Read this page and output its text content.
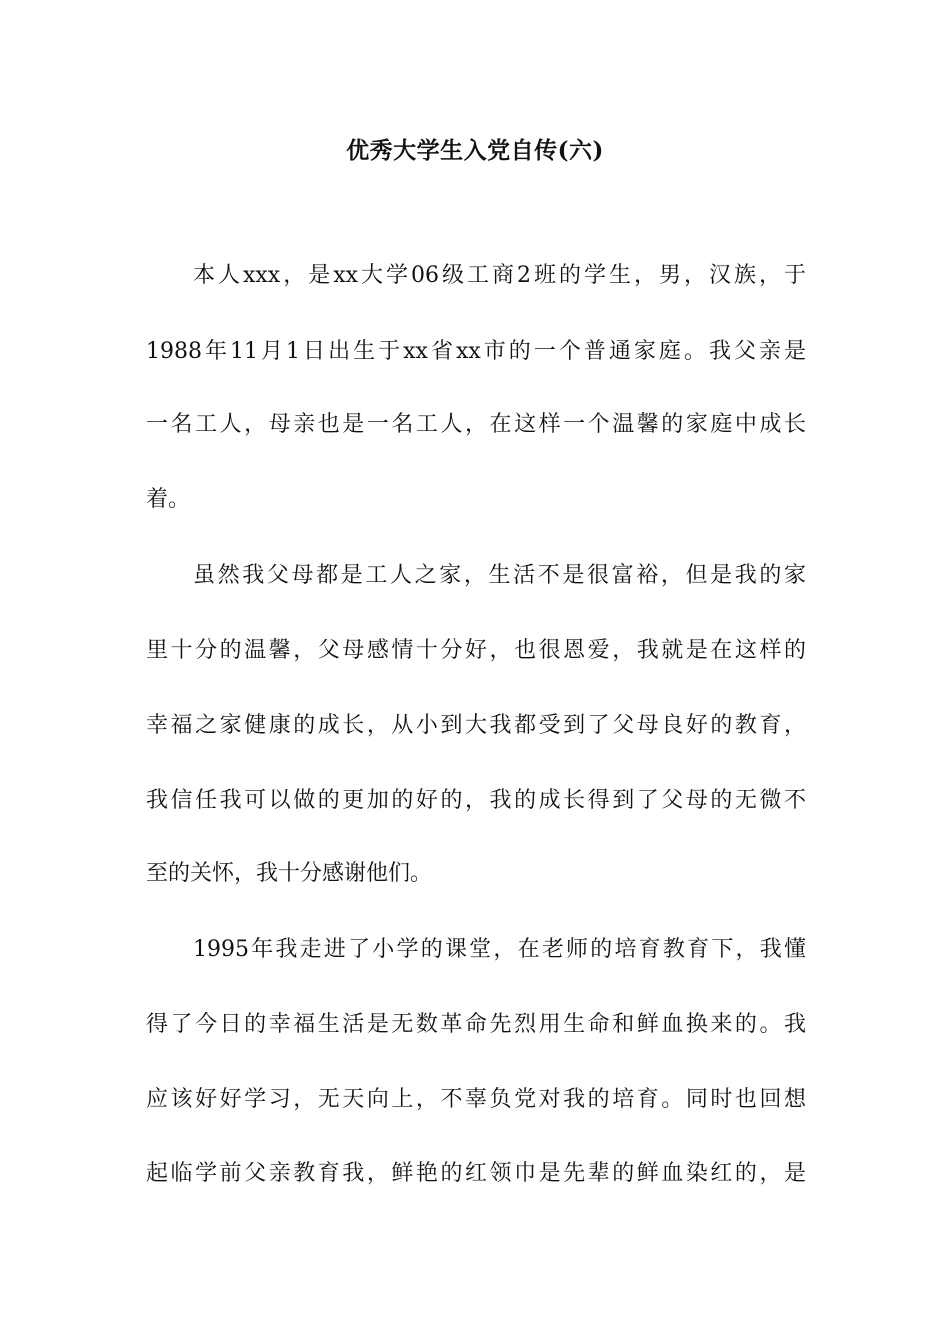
优秀大学生入党自传(六)
本人xxx，是xx大学06级工商2班的学生，男，汉族，于
1988年11月1日出生于xx省xx市的一个普通家庭。我父亲是
一名工人，母亲也是一名工人，在这样一个温馨的家庭中成长
着。
虽然我父母都是工人之家，生活不是很富裕，但是我的家
里十分的温馨，父母感情十分好，也很恩爱，我就是在这样的
幸福之家健康的成长，从小到大我都受到了父母良好的教育，
我信任我可以做的更加的好的，我的成长得到了父母的无微不
至的关怀，我十分感谢他们。
1995年我走进了小学的课堂，在老师的培育教育下，我懂
得了今日的幸福生活是无数革命先烈用生命和鲜血换来的。我
应该好好学习，无天向上，不辜负党对我的培育。同时也回想
起临学前父亲教育我，鲜艳的红领巾是先辈的鲜血染红的，是
